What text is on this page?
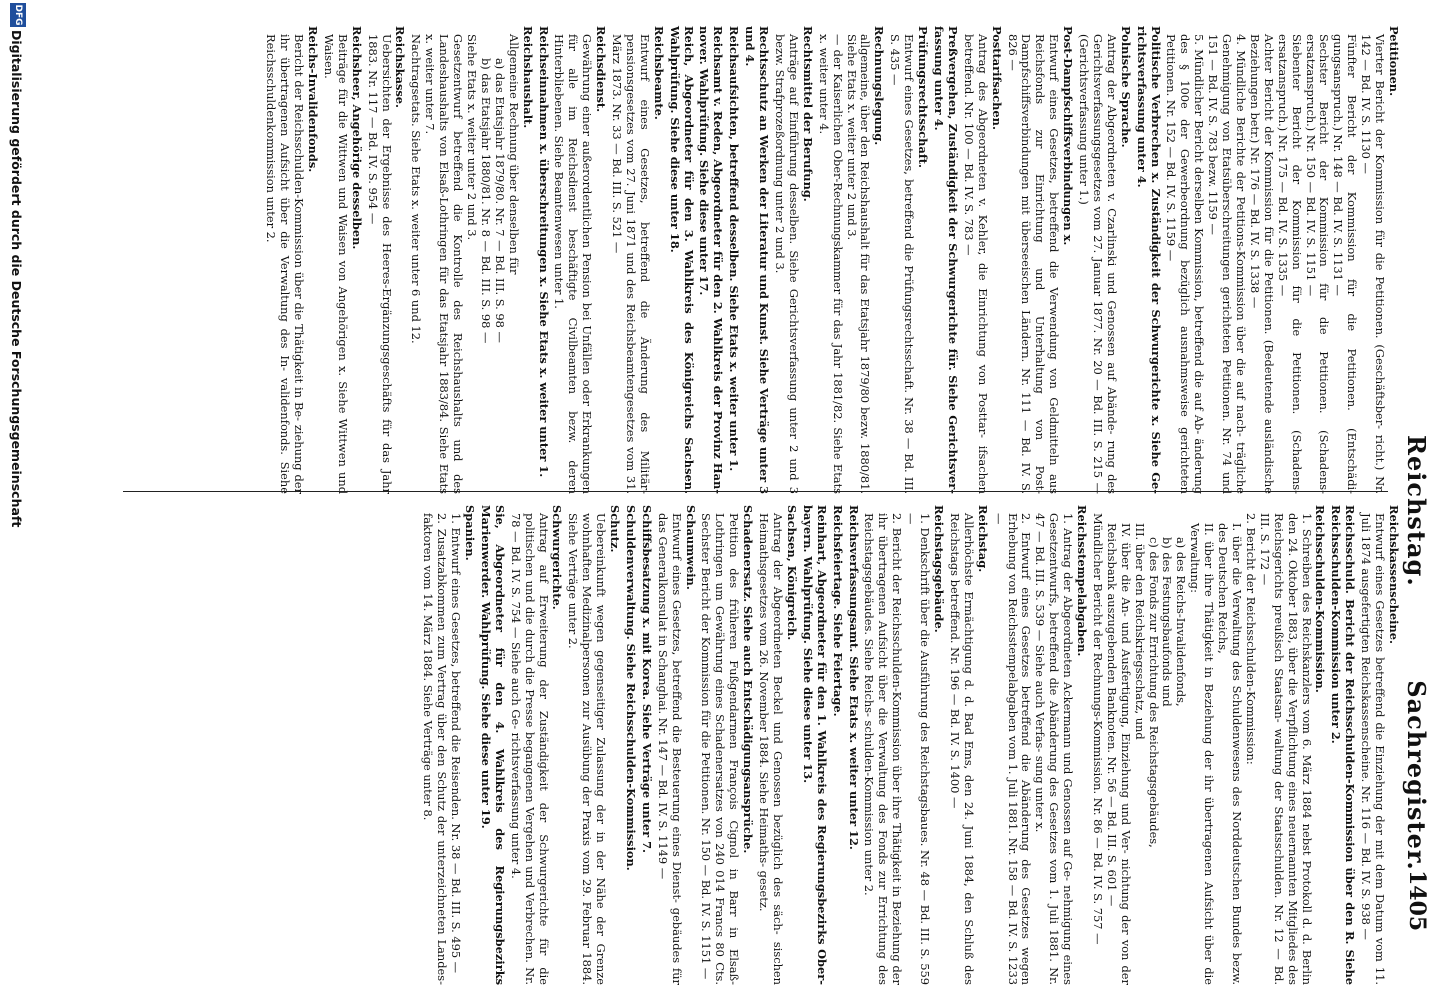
Reichstag.          Sachregister.
1405
Petitionen.
Vierter Bericht der Kommission für die Petitionen. (Geschäftsber- richt.) Nr. 142 — Bd. IV. S. 1130 —
Fünfter Bericht der Kommission für die Petitionen. (Entschädi- gungsanspruch.) Nr. 148 — Bd. IV. S. 1131 —
Sechster Bericht der Kommission für die Petitionen. (Schadens- ersatzanspruch.) Nr. 150 — Bd. IV. S. 1151 —
Siebenter Bericht der Kommission für die Petitionen. (Schadens- ersatzanspruch.) Nr. 175 — Bd. IV. S. 1335 —
Achter Bericht der Kommission für die Petitionen. (Bedeutende ausländische Beziehungen betr.) Nr. 176 — Bd. IV. S. 1338 —
4. Mündliche Berichte der Petitions-Kommission über die auf nach- trägliche Genehmigung von Etatsüberschreitungen gerichteten Petitionen. Nr. 74 und 151 — Bd. IV. S. 783 bezw. 1159 —
5. Mündlicher Bericht derselben Kommission, betreffend die auf Ab- änderung des § 100e der Gewerbeordnung bezüglich ausnahmsweise gerichteten Petitionen. Nr. 152 — Bd. IV. S. 1159 —
Politische Verbrechen x. Zuständigkeit der Schwurgerichte x. Siehe Ge- richtsverfassung unter 4.
Polnische Sprache.
Antrag der Abgeordneten v. Czarlinski und Genossen auf Abände- rung des Gerichtsverfassungsgesetzes vom 27. Januar 1877. Nr. 20 — Bd. III. S. 215 — (Gerichtsverfassung unter 1.)
Post-Dampfschiffsverbindungen x.
Entwurf eines Gesetzes, betreffend die Verwendung von Geldmitteln aus Reichsfonds zur Einrichtung und Unterhaltung von Post- Dampfschiffsverbindungen mit überseeischen Ländern. Nr. 111 — Bd. IV. S. 826 —
Posttarifsachen.
Antrag des Abgeordneten v. Kehler, die Einrichtung von Posttar- ifsachen betreffend. Nr. 100 — Bd. IV. S. 783 —
Preßvergehen, Zuständigkeit der Schwurgerichte für. Siehe Gerichtsver- fassung unter 4.
Prüfungsrechtsschaft.
Entwurf eines Gesetzes, betreffend die Prüfungsrechtsschaft. Nr. 38 — Bd. III. S. 435 —
Rechnungslegung.
allgemeine, über den Reichshaushalt für das Etatsjahr 1879/80 bezw. 1880/81. Siehe Etats x. weiter unter 2 und 3.
— der Kaiserlichen Ober-Rechnungskammer für das Jahr 1881/82. Siehe Etats x. weiter unter 4.
Rechtsmittel der Berufung.
Anträge auf Einführung desselben. Siehe Gerichtsverfassung unter 2 und 3 bezw. Strafprozeßordnung unter 2 und 3.
Rechtsschutz an Werken der Literatur und Kunst. Siehe Verträge unter 3 und 4.
Reichsaufsichten, betreffend desselben. Siehe Etats x. weiter unter 1.
Reichsamt v. Reden, Abgeordneter für den 2. Wahlkreis der Provinz Han- nover. Wahlprüfung. Siehe diese unter 17.
Reich, Abgeordneter für den 3. Wahlkreis des Königreichs Sachsen. Wahlprüfung. Siehe diese unter 18.
Reichsbeamte.
Entwurf eines Gesetzes, betreffend die Änderung des Militär- pensionsgesetzes vom 27. Juni 1871 und des Reichsbeamtengesetzes vom 31. März 1873. Nr. 33 — Bd. III. S. 521 —
Reichsdienst.
Gewährung einer außerordentlichen Pension bei Unfällen oder Erkrankungen für alle im Reichsdienst beschäftigte Civilbeamten bezw. deren Hinterbliebenen. Siehe Beamtenwesen unter 1.
Reichseinnahmen x. überschreitungen x. Siehe Etats x. weiter unter 1.
Reichshaushalt.
Allgemeine Rechnung über denselben für
a) das Etatsjahr 1879/80. Nr. 7 — Bd. III. S. 98 —
b) das Etatsjahr 1880/81. Nr. 8 — Bd. III. S. 98 —
Siehe Etats x. weiter unter 2 und 3.
Gesetzentwurf betreffend die Kontrolle des Reichshaushalts und des Landeshaushalts von Elsaß-Lothringen für das Etatsjahr 1883/84. Siehe Etats x. weiter unter 7.
Nachtragsetats. Siehe Etats x. weiter unter 6 und 12.
Reichskasse.
Uebersichten der Ergebnisse des Heeres-Ergänzungsgeschäfts für das Jahr 1883. Nr. 117 — Bd. IV. S. 954 —
Reichsheer, Angehörige desselben.
Beiträge für die Wittwen und Waisen von Angehörigen x. Siehe Wittwen und Waisen.
Reichs-Invalidenfonds.
Bericht der Reichsschulden-Kommission über die Thätigkeit in Be- ziehung der ihr übertragenen Aufsicht über die Verwaltung des In- validenfonds. Siehe Reichsschuldenkommission unter 2.
Reichskassenscheine.
Entwurf eines Gesetzes betreffend die Einziehung der mit dem Datum vom 11. Juli 1874 ausgefertigten Reichskassenscheine. Nr. 116 — Bd. IV. S. 938 —
Reichsschuld. Bericht der Reichsschulden-Kommission über den R. Siehe Reichsschulden-Kommission unter 2.
Reichsschulden-Kommission.
1. Schreiben des Reichskanzlers vom 6. März 1884 nebst Protokoll d. d. Berlin den 24. Oktober 1883, über die Verpflichtung eines neuernannten Mitgliedes des Reichsgerichts preußisch Staatsan- waltung der Staatsschulden. Nr. 12 — Bd. III. S. 172 —
2. Bericht der Reichsschulden-Kommission:
I. über die Verwaltung des Schuldenwesens des Norddeutschen Bundes bezw. des Deutschen Reichs,
II. über ihre Thätigkeit in Beziehung der ihr übertragenen Aufsicht über die Verwaltung:
a) des Reichs-Invalidenfonds,
b) des Festungsbaufonds und
c) des Fonds zur Errichtung des Reichstagsgebäudes,
III. über den Reichskriegsschatz, und
IV. über die An- und Ausfertigung, Einziehung und Ver- nichtung der von der Reichsbank auszugebenden Banknoten. Nr. 56 — Bd. III. S. 601 —
Mündlicher Bericht der Rechnungs-Kommission. Nr. 86 — Bd. IV. S. 757 —
Reichsstempelabgaben.
1. Antrag der Abgeordneten Ackermann und Genossen auf Ge- nehmigung eines Gesetzentwurfs, betreffend die Abänderung des Gesetzes vom 1. Juli 1881. Nr. 47 — Bd. III. S. 539 — Siehe auch Verfas- sung unter x.
2. Entwurf eines Gesetzes betreffend die Abänderung des Gesetzes wegen Erhebung von Reichsstempelabgaben vom 1. Juli 1881. Nr. 158 — Bd. IV. S. 1233 —
Reichstag.
Allerhöchste Ermächtigung d. d. Bad Ems, den 24. Juni 1884, den Schluß des Reichstags betreffend. Nr. 196 — Bd. IV. S. 1400 —
Reichstagsgebäude.
1. Denkschrift über die Ausführung des Reichstagsbaues. Nr. 48 — Bd. III. S. 559 —
2. Bericht der Reichsschulden-Kommission über ihre Thätigkeit in Beziehung der ihr übertragenen Aufsicht über die Verwaltung des Fonds zur Errichtung des Reichstagsgebäudes. Siehe Reichs- schulden-Kommission unter 2.
Reichsverfassungsamt. Siehe Etats x. weiter unter 12.
Reichsfeiertage. Siehe Feiertage.
Reinhart, Abgeordneter für den 1. Wahlkreis des Regierungsbezirks Ober- bayern. Wahlprüfung. Siehe diese unter 13.
Sachsen, Königreich.
Antrag der Abgeordneten Beckel und Genossen bezüglich des säch- sischen Heimathsgesetzes vom 26. November 1884. Siehe Heimaths- gesetz.
Schadenersatz. Siehe auch Entschädigungsansprüche.
Petition des früheren Fußgendarmen François Cignol in Barr in Elsaß-Lothringen um Gewährung eines Schadenersatzes von 240 014 Francs 80 Cts. Sechster Bericht der Kommission für die Petitionen. Nr. 150 — Bd. IV. S. 1151 —
Schaumwein.
Entwurf eines Gesetzes, betreffend die Besteuerung eines Dienst- gebäudes für das Generalkonsulat in Schanghai. Nr. 147 — Bd. IV. S. 1149 —
Schiffsbesatzung x. mit Korea. Siehe Verträge unter 7.
Schuldenverwaltung. Siehe Reichsschulden-Kommission.
Schutz.
Uebereinkunft wegen gegenseitiger Zulassung der in der Nähe der Grenze wohnhaften Medizinalpersonen zur Ausübung der Praxis vom 29. Februar 1884. Siehe Verträge unter 2.
Schwurgerichte.
Antrag auf Erweiterung der Zuständigkeit der Schwurgerichte für die politischen und die durch die Presse begangenen Vergehen und Verbrechen. Nr. 78 — Bd. IV. S. 754 — Siehe auch Ge- richtsverfassung unter 4.
Sie, Abgeordneter für den 4. Wahlkreis des Regierungsbezirks Marienwerder. Wahlprüfung. Siehe diese unter 19.
Spanien.
1. Entwurf eines Gesetzes, betreffend die Reisenden. Nr. 38 — Bd. III. S. 495 —
2. Zusatzabkommen zum Vertrag über den Schutz der unterzeichneten Landes- faktoren vom 14. März 1884. Siehe Verträge unter 8.
DFG
Digitalisierung gefördert durch die Deutsche Forschungsgemeinschaft
